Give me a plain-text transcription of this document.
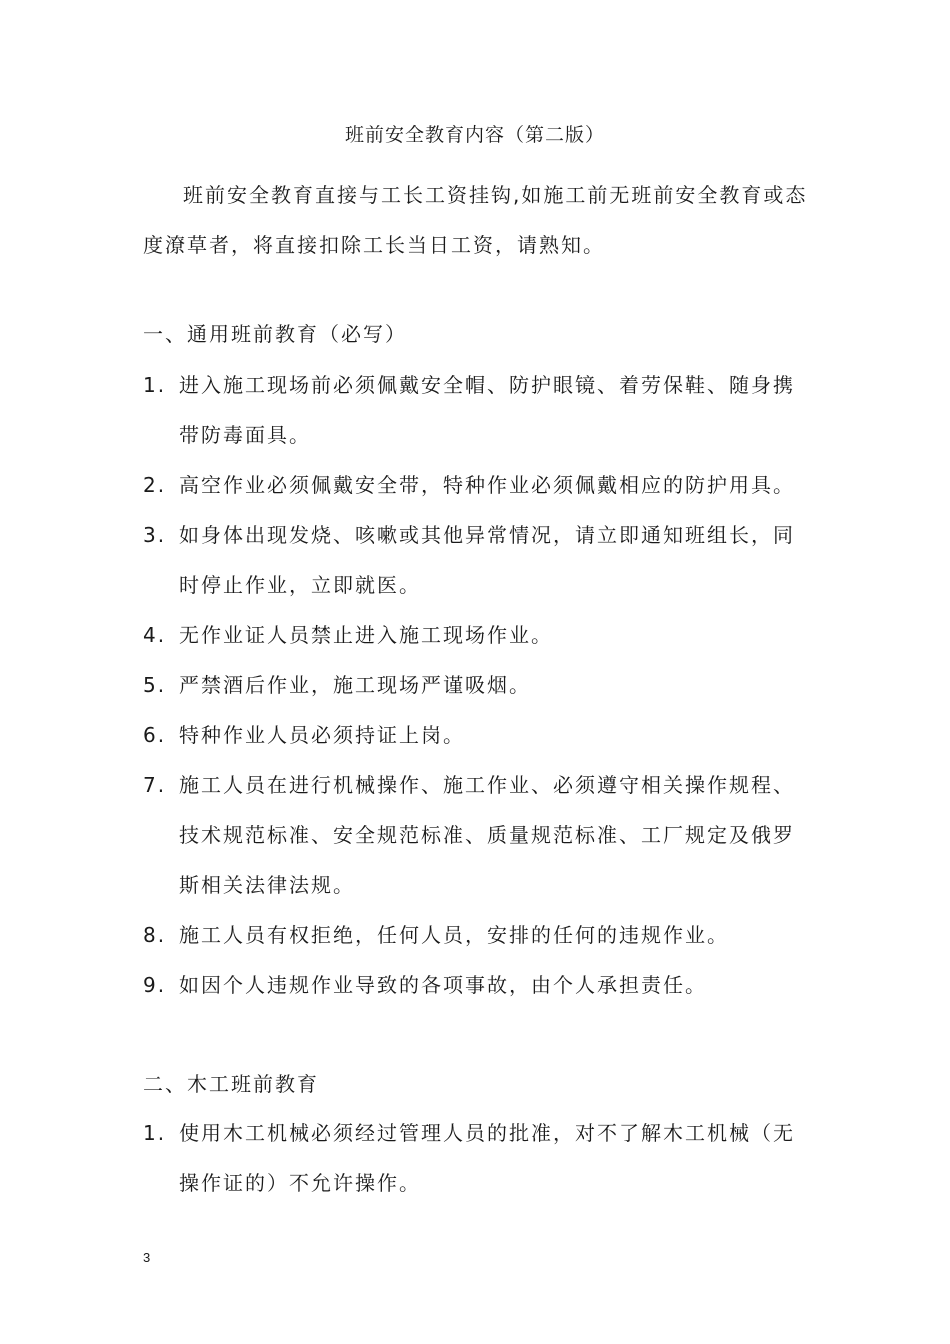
班前安全教育内容（第二版）

班前安全教育直接与工长工资挂钩,如施工前无班前安全教育或态度潦草者，将直接扣除工长当日工资，请熟知。

一、通用班前教育（必写）

1. 进入施工现场前必须佩戴安全帽、防护眼镜、着劳保鞋、随身携带防毒面具。
2. 高空作业必须佩戴安全带，特种作业必须佩戴相应的防护用具。
3. 如身体出现发烧、咳嗽或其他异常情况，请立即通知班组长，同时停止作业，立即就医。
4. 无作业证人员禁止进入施工现场作业。
5. 严禁酒后作业，施工现场严谨吸烟。
6. 特种作业人员必须持证上岗。
7. 施工人员在进行机械操作、施工作业、必须遵守相关操作规程、技术规范标准、安全规范标准、质量规范标准、工厂规定及俄罗斯相关法律法规。
8. 施工人员有权拒绝，任何人员，安排的任何的违规作业。
9. 如因个人违规作业导致的各项事故，由个人承担责任。

二、木工班前教育

1. 使用木工机械必须经过管理人员的批准，对不了解木工机械（无操作证的）不允许操作。
3
